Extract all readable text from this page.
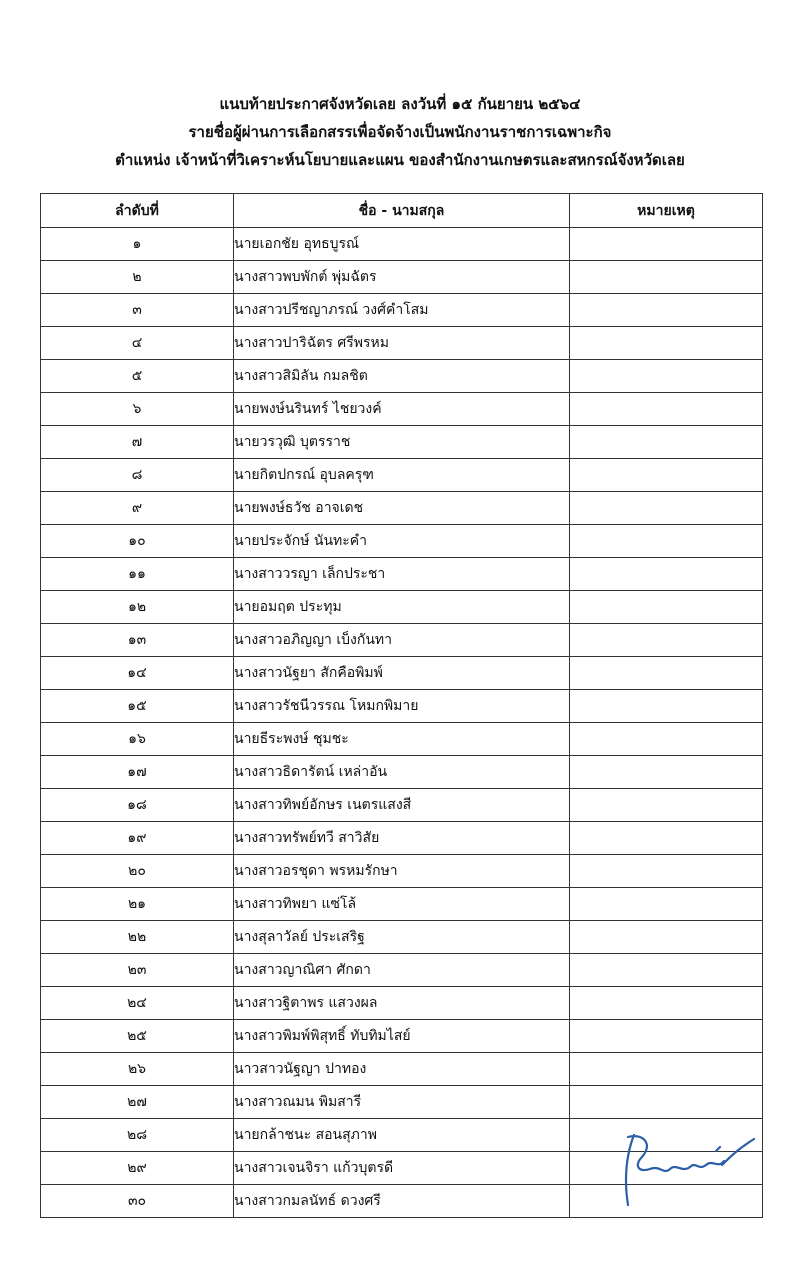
แนบท้ายประกาศจังหวัดเลย ลงวันที่ ๑๕ กันยายน ๒๕๖๔
รายชื่อผู้ผ่านการเลือกสรรเพื่อจัดจ้างเป็นพนักงานราชการเฉพาะกิจ
ตำแหน่ง เจ้าหน้าที่วิเคราะห์นโยบายและแผน ของสำนักงานเกษตรและสหกรณ์จังหวัดเลย
ลำดับที่	ชื่อ - นามสกุล	หมายเหตุ
๑	นายเอกชัย อุทธบูรณ์	
๒	นางสาวพบพักต์ พุ่มฉัตร	
๓	นางสาวปรีชญาภรณ์ วงศ์คำโสม	
๔	นางสาวปาริฉัตร ศรีพรหม	
๕	นางสาวสิมิลัน กมลชิต	
๖	นายพงษ์นรินทร์ ไชยวงค์	
๗	นายวรวุฒิ บุตรราช	
๘	นายกิตปกรณ์ อุบลครุฑ	
๙	นายพงษ์ธวัช อาจเดช	
๑๐	นายประจักษ์ นันทะคำ	
๑๑	นางสาววรญา เล็กประชา	
๑๒	นายอมฤต ประทุม	
๑๓	นางสาวอภิญญา เบ็งกันทา	
๑๔	นางสาวนัฐยา สักคือพิมพ์	
๑๕	นางสาวรัชนีวรรณ โหมกพิมาย	
๑๖	นายธีระพงษ์ ชุมชะ	
๑๗	นางสาวธิดารัตน์ เหล่าอัน	
๑๘	นางสาวทิพย์อักษร เนตรแสงสี	
๑๙	นางสาวทรัพย์ทวี สาวิสัย	
๒๐	นางสาวอรชุดา พรหมรักษา	
๒๑	นางสาวทิพยา แซ่โล้	
๒๒	นางสุลาวัลย์ ประเสริฐ	
๒๓	นางสาวญาณิศา ศักดา	
๒๔	นางสาวฐิตาพร แสวงผล	
๒๕	นางสาวพิมพ์พิสุทธิ์ ทับทิมไสย์	
๒๖	นาวสาวนัฐญา ปาทอง	
๒๗	นางสาวณมน พิมสารี	
๒๘	นายกล้าชนะ สอนสุภาพ	
๒๙	นางสาวเจนจิรา แก้วบุตรดี	
๓๐	นางสาวกมลนัทธ์ ดวงศรี	
